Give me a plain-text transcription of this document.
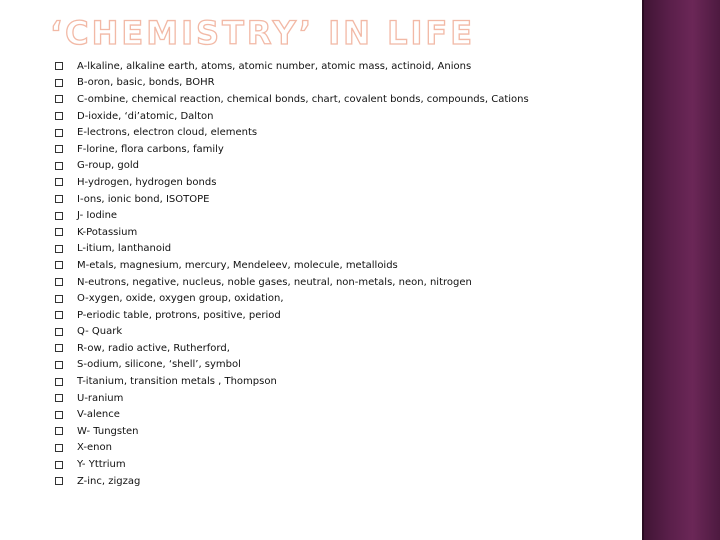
‘CHEMISTRY’ IN LIFE
A-lkaline, alkaline earth, atoms, atomic number, atomic mass, actinoid, Anions
B-oron, basic, bonds, BOHR
C-ombine, chemical reaction, chemical bonds, chart, covalent bonds, compounds, Cations
D-ioxide, ‘di’atomic, Dalton
E-lectrons, electron cloud, elements
F-lorine, flora carbons, family
G-roup, gold
H-ydrogen, hydrogen bonds
I-ons, ionic bond, ISOTOPE
J- Iodine
K-Potassium
L-itium, lanthanoid
M-etals, magnesium, mercury, Mendeleev, molecule, metalloids
N-eutrons, negative, nucleus, noble gases, neutral, non-metals, neon, nitrogen
O-xygen, oxide, oxygen group, oxidation,
P-eriodic table, protrons, positive, period
Q- Quark
R-ow, radio active, Rutherford,
S-odium, silicone, ‘shell’, symbol
T-itanium, transition metals , Thompson
U-ranium
V-alence
W- Tungsten
X-enon
Y- Yttrium
Z-inc, zigzag
